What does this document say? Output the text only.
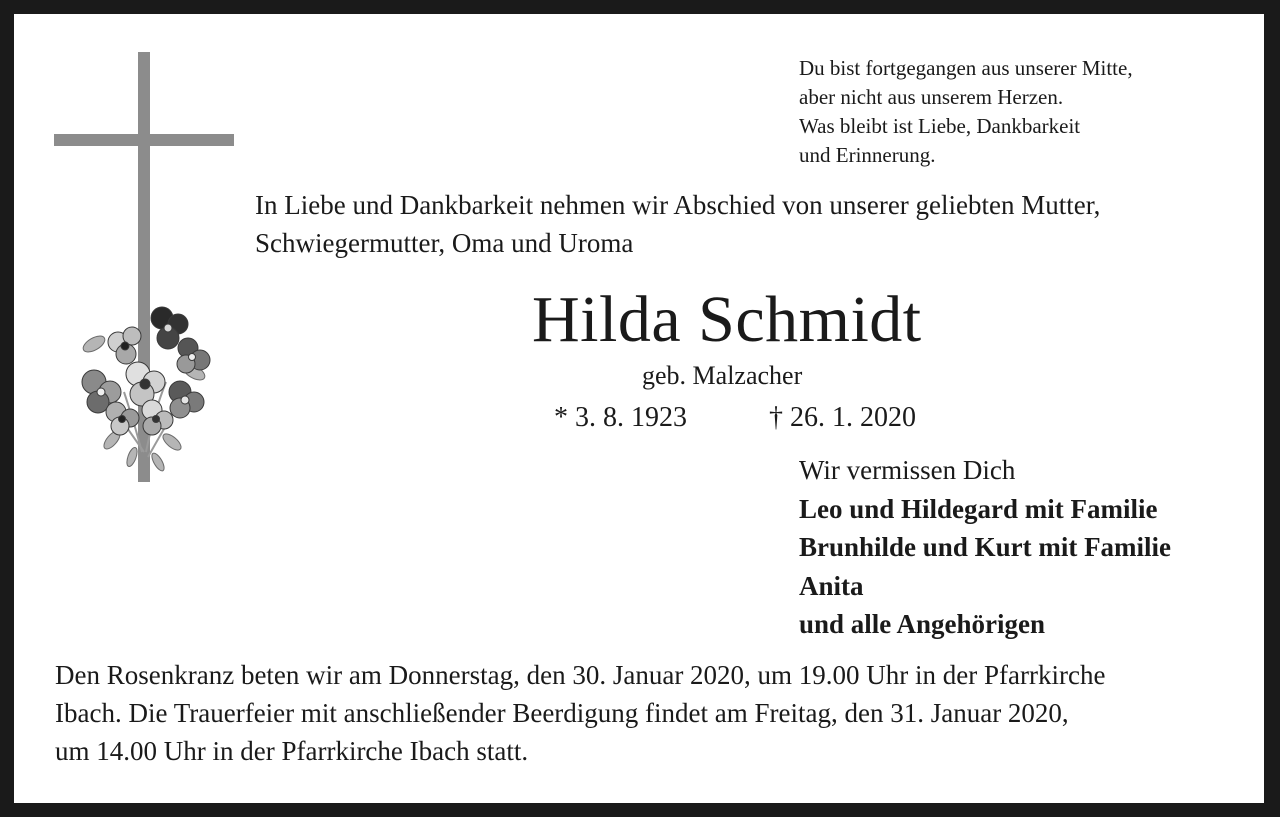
Du bist fortgegangen aus unserer Mitte,
aber nicht aus unserem Herzen.
Was bleibt ist Liebe, Dankbarkeit
und Erinnerung.
In Liebe und Dankbarkeit nehmen wir Abschied von unserer geliebten Mutter,
Schwiegermutter, Oma und Uroma
Hilda Schmidt
geb. Malzacher
* 3. 8. 1923	† 26. 1. 2020
Wir vermissen Dich
Leo und Hildegard mit Familie
Brunhilde und Kurt mit Familie
Anita
und alle Angehörigen
Den Rosenkranz beten wir am Donnerstag, den 30. Januar 2020, um 19.00 Uhr in der Pfarrkirche
Ibach. Die Trauerfeier mit anschließender Beerdigung findet am Freitag, den 31. Januar 2020,
um 14.00 Uhr in der Pfarrkirche Ibach statt.
